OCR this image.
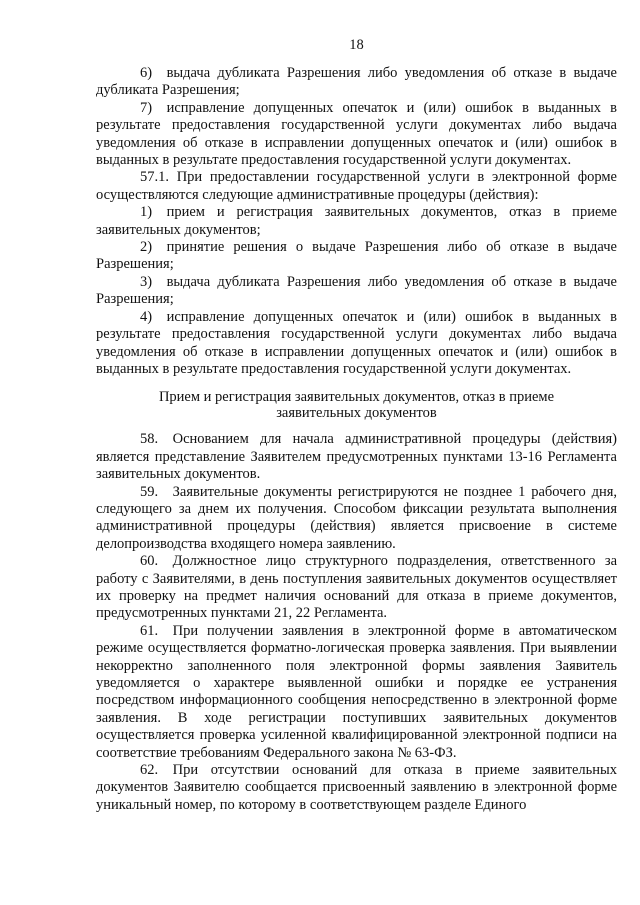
18

6) выдача дубликата Разрешения либо уведомления об отказе в выдаче дубликата Разрешения;

7) исправление допущенных опечаток и (или) ошибок в выданных в результате предоставления государственной услуги документах либо выдача уведомления об отказе в исправлении допущенных опечаток и (или) ошибок в выданных в результате предоставления государственной услуги документах.

57.1. При предоставлении государственной услуги в электронной форме осуществляются следующие административные процедуры (действия):

1) прием и регистрация заявительных документов, отказ в приеме заявительных документов;

2) принятие решения о выдаче Разрешения либо об отказе в выдаче Разрешения;

3) выдача дубликата Разрешения либо уведомления об отказе в выдаче Разрешения;

4) исправление допущенных опечаток и (или) ошибок в выданных в результате предоставления государственной услуги документах либо выдача уведомления об отказе в исправлении допущенных опечаток и (или) ошибок в выданных в результате предоставления государственной услуги документах.

Прием и регистрация заявительных документов, отказ в приеме
заявительных документов

58. Основанием для начала административной процедуры (действия) является представление Заявителем предусмотренных пунктами 13-16 Регламента заявительных документов.

59. Заявительные документы регистрируются не позднее 1 рабочего дня, следующего за днем их получения. Способом фиксации результата выполнения административной процедуры (действия) является присвоение в системе делопроизводства входящего номера заявлению.

60. Должностное лицо структурного подразделения, ответственного за работу с Заявителями, в день поступления заявительных документов осуществляет их проверку на предмет наличия оснований для отказа в приеме документов, предусмотренных пунктами 21, 22 Регламента.

61. При получении заявления в электронной форме в автоматическом режиме осуществляется форматно-логическая проверка заявления. При выявлении некорректно заполненного поля электронной формы заявления Заявитель уведомляется о характере выявленной ошибки и порядке ее устранения посредством информационного сообщения непосредственно в электронной форме заявления. В ходе регистрации поступивших заявительных документов осуществляется проверка усиленной квалифицированной электронной подписи на соответствие требованиям Федерального закона № 63-ФЗ.

62. При отсутствии оснований для отказа в приеме заявительных документов Заявителю сообщается присвоенный заявлению в электронной форме уникальный номер, по которому в соответствующем разделе Единого
